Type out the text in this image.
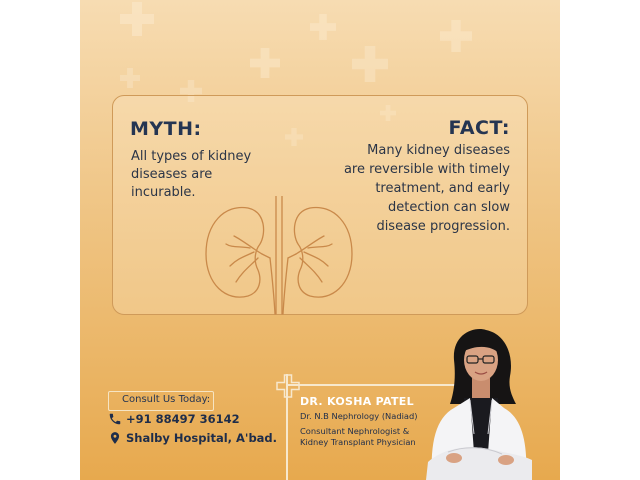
MYTH:
All types of kidney
diseases are
incurable.
FACT:
Many kidney diseases
are reversible with timely
treatment, and early
detection can slow
disease progression.
Consult Us Today:
+91 88497 36142
Shalby Hospital, A'bad.
DR. KOSHA PATEL
Dr. N.B Nephrology (Nadiad)
Consultant Nephrologist &
Kidney Transplant Physician
